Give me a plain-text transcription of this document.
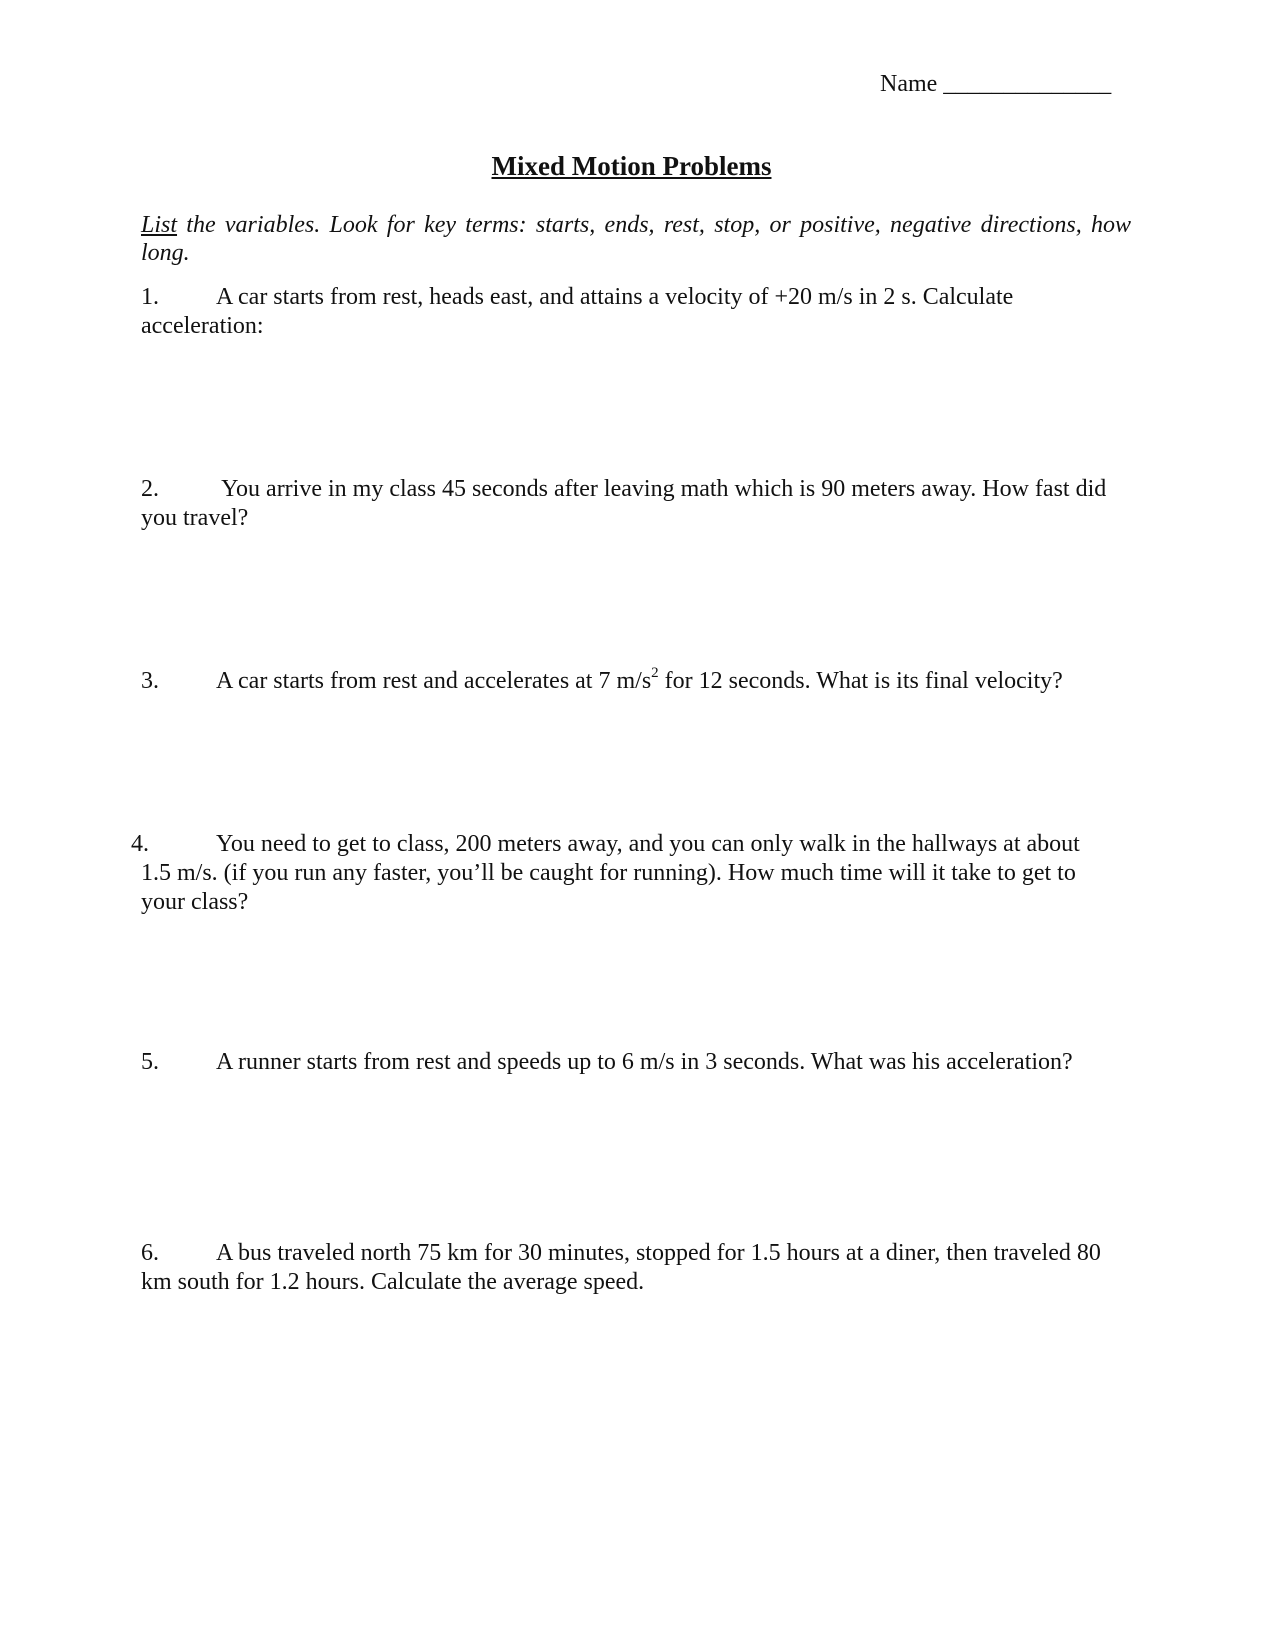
Name ______________
Mixed Motion Problems
List the variables. Look for key terms: starts, ends, rest, stop, or positive, negative directions, how long.
1. A car starts from rest, heads east, and attains a velocity of +20 m/s in 2 s. Calculate acceleration:
2. You arrive in my class 45 seconds after leaving math which is 90 meters away. How fast did you travel?
3. A car starts from rest and accelerates at 7 $m/s^2$ for 12 seconds. What is its final velocity?
4.	You need to get to class, 200 meters away, and you can only walk in the hallways at about
1.5 m/s. (if you run any faster, you’ll be caught for running). How much time will it take to get to your class?
5. A runner starts from rest and speeds up to 6 m/s in 3 seconds. What was his acceleration?
6. A bus traveled north 75 km for 30 minutes, stopped for 1.5 hours at a diner, then traveled 80 km south for 1.2 hours. Calculate the average speed.
